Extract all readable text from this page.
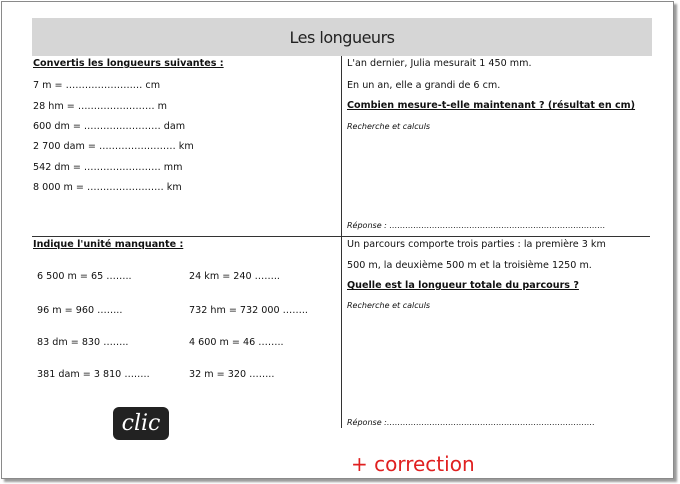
Les longueurs
Convertis les longueurs suivantes :
7 m = …………………… cm
28 hm = …………………… m
600 dm = …………………… dam
2 700 dam = …………………… km
542 dm = …………………… mm
8 000 m = …………………… km
L'an dernier, Julia mesurait 1 450 mm.
En un an, elle a grandi de 6 cm.
Combien mesure-t-elle maintenant ? (résultat en cm)
Recherche et calculs
Réponse : ………………………………………………………………………
Indique l'unité manquante :
6 500 m = 65 ……..
96 m = 960 ……..
83 dm = 830 ……..
381 dam = 3 810 ……..
24 km = 240 ……..
732 hm = 732 000 ……..
4 600 m = 46 ……..
32 m = 320 ……..
Un parcours comporte trois parties : la première 3 km
500 m, la deuxième 500 m et la troisième 1250 m.
Quelle est la longueur totale du parcours ?
Recherche et calculs
Réponse :……………………………………………………………………
clic
+ correction
